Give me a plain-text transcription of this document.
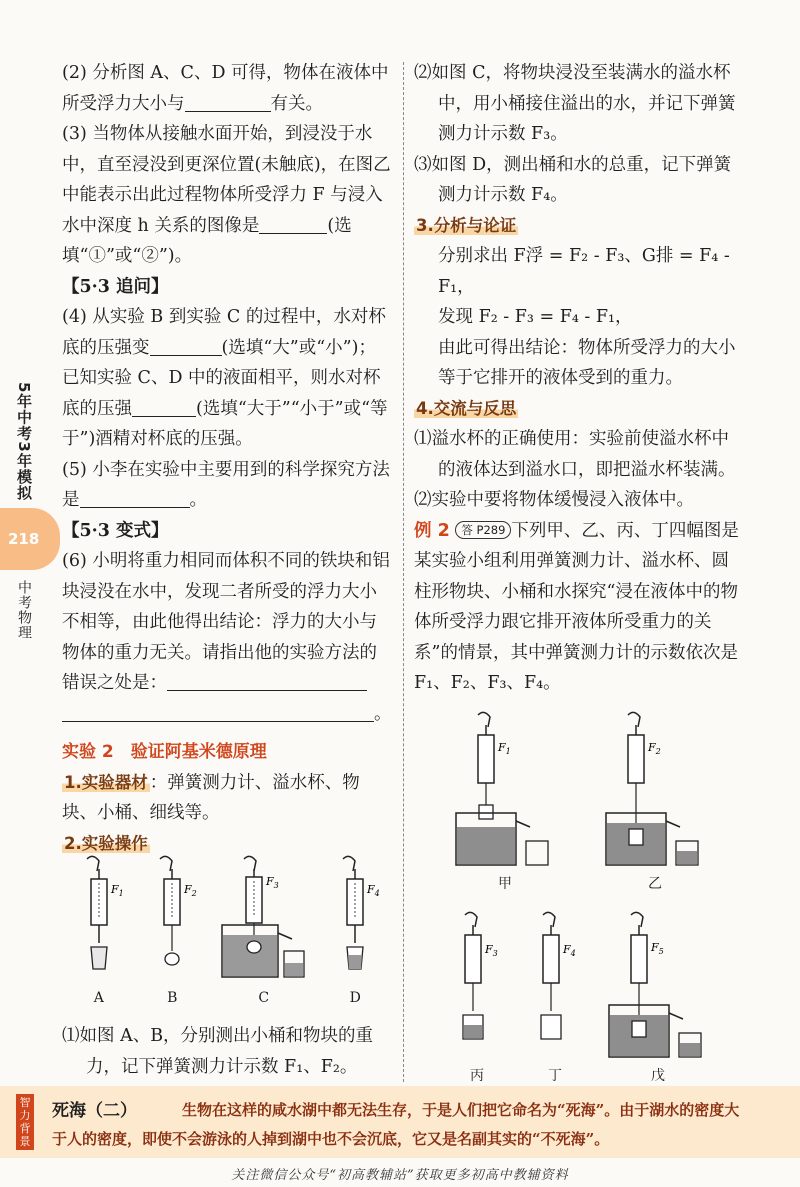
(2) 分析图 A、C、D 可得，物体在液体中所受浮力大小与	有关。

(3) 当物体从接触水面开始，到浸没于水中，直至浸没到更深位置(未触底)，在图乙中能表示出此过程物体所受浮力 F 与浸入水中深度 h 关系的图像是	(选填“①”或“②”)。

【5·3 追问】

(4) 从实验 B 到实验 C 的过程中，水对杯底的压强变	(选填“大”或“小”)；已知实验 C、D 中的液面相平，则水对杯底的压强	(选填“大于”“小于”或“等于”)酒精对杯底的压强。

(5) 小李在实验中主要用到的科学探究方法是	。

【5·3 变式】

(6) 小明将重力相同而体积不同的铁块和铝块浸没在水中，发现二者所受的浮力大小不相等，由此他得出结论：浮力的大小与物体的重力无关。请指出他的实验方法的错误之处是：
。

实验 2　验证阿基米德原理

1.实验器材 ：弹簧测力计、溢水杯、物块、小桶、细线等。

2.实验操作

$F_1$
A
$F_2$
B
$F_3$
C
$F_4$
D

⑴如图 A、B，分别测出小桶和物块的重力，记下弹簧测力计示数 F₁、F₂。

⑵如图 C，将物块浸没至装满水的溢水杯中，用小桶接住溢出的水，并记下弹簧测力计示数 F₃。

⑶如图 D，测出桶和水的总重，记下弹簧测力计示数 F₄。

3.分析与论证

分别求出 F浮 = F₂ - F₃、G排 = F₄ - F₁，

发现 F₂ - F₃ = F₄ - F₁，

由此可得出结论：物体所受浮力的大小等于它排开的液体受到的重力。

4.交流与反思

⑴溢水杯的正确使用：实验前使溢水杯中的液体达到溢水口，即把溢水杯装满。

⑵实验中要将物体缓慢浸入液体中。

例 2 答 P289 下列甲、乙、丙、丁四幅图是某实验小组利用弹簧测力计、溢水杯、圆柱形物块、小桶和水探究“浸在液体中的物体所受浮力跟它排开液体所受重力的关系”的情景，其中弹簧测力计的示数依次是 F₁、F₂、F₃、F₄。

$F_1$
甲
$F_2$
乙
$F_3$
丙
$F_4$
丁
$F_5$
戊
5年中考3年模拟
218
中考物理
智力背景
生物在这样的咸水湖中都无法生存，于是人们把它命名为“死海”。由于湖水的密度大于人的密度，即使不会游泳的人掉到湖中也不会沉底，它又是名副其实的“不死海”。
死海（二）
关注微信公众号“初高教辅站”获取更多初高中教辅资料
